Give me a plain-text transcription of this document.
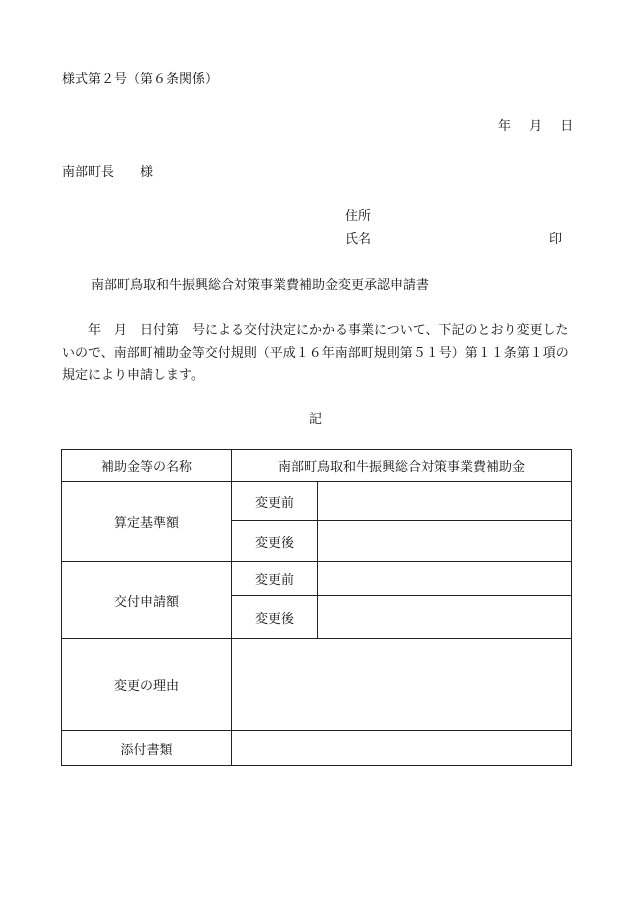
様式第２号（第６条関係）
年 月 日
南部町長　　様
住所
氏名	印
南部町鳥取和牛振興総合対策事業費補助金変更承認申請書
　　年　月　日付第　号による交付決定にかかる事業について、下記のとおり変更したいので、南部町補助金等交付規則（平成１６年南部町規則第５１号）第１１条第１項の規定により申請します。
記
補助金等の名称	南部町鳥取和牛振興総合対策事業費補助金	
算定基準額	変更前	
	変更後	
交付申請額	変更前	
	変更後	
変更の理由		
添付書類		
